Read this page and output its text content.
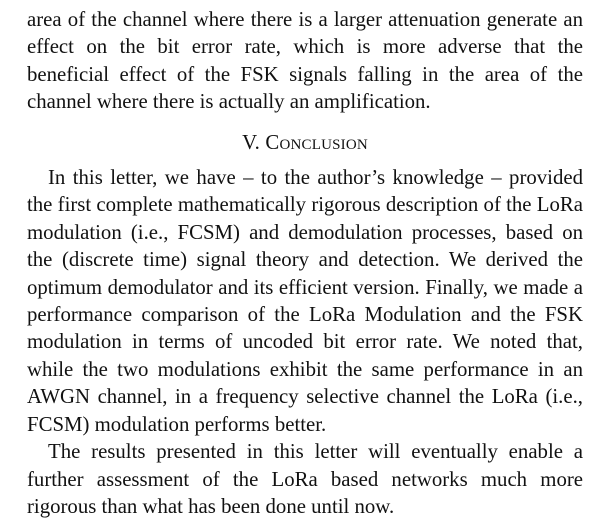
area of the channel where there is a larger attenuation generate an effect on the bit error rate, which is more adverse that the beneficial effect of the FSK signals falling in the area of the channel where there is actually an amplification.

V. Conclusion

In this letter, we have – to the author’s knowledge – provided the first complete mathematically rigorous description of the LoRa modulation (i.e., FCSM) and demodulation processes, based on the (discrete time) signal theory and detection. We derived the optimum demodulator and its efficient version. Finally, we made a performance comparison of the LoRa Modulation and the FSK modulation in terms of uncoded bit error rate. We noted that, while the two modulations exhibit the same performance in an AWGN channel, in a frequency selective channel the LoRa (i.e., FCSM) modulation performs better.

The results presented in this letter will eventually enable a further assessment of the LoRa based networks much more rigorous than what has been done until now.
